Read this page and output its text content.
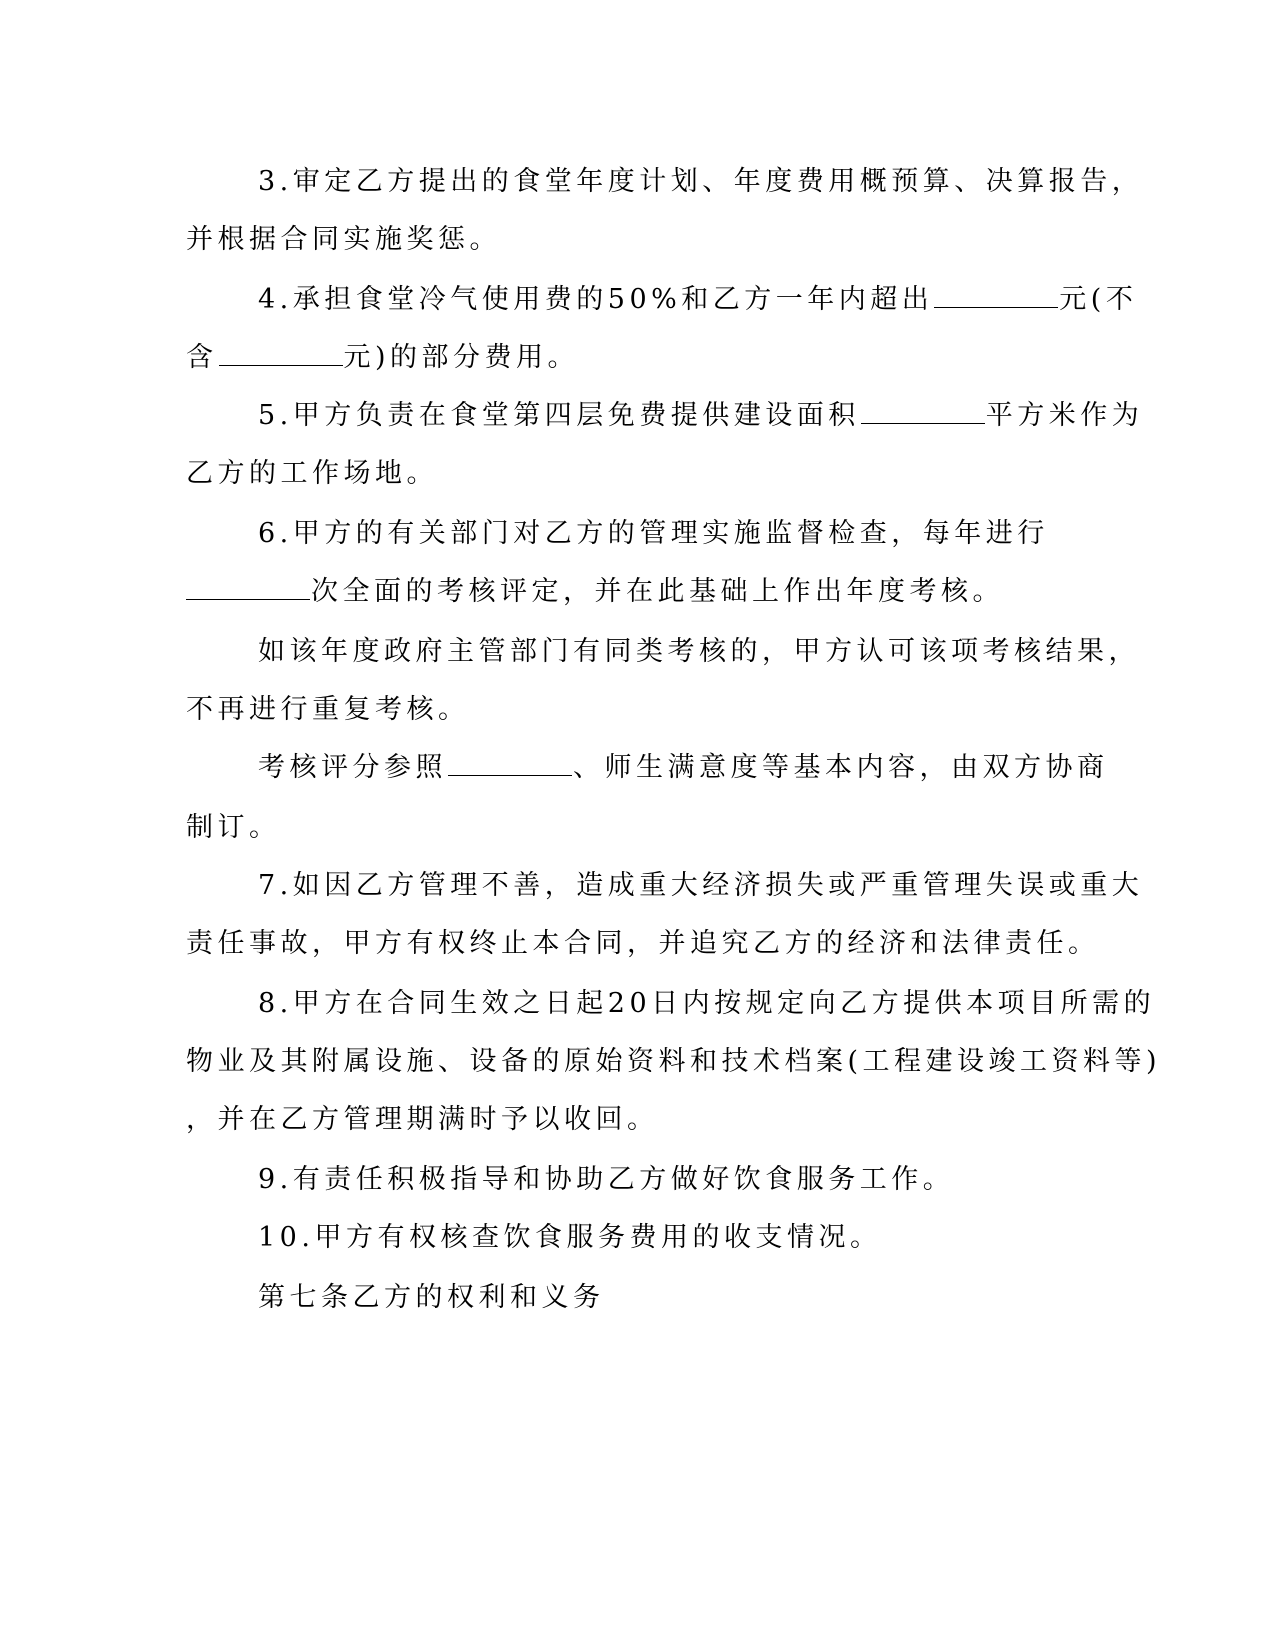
3.审定乙方提出的食堂年度计划、年度费用概预算、决算报告，
并根据合同实施奖惩。
4.承担食堂冷气使用费的50%和乙方一年内超出	元(不
含	元)的部分费用。
5.甲方负责在食堂第四层免费提供建设面积	平方米作为
乙方的工作场地。
6.甲方的有关部门对乙方的管理实施监督检查，每年进行
次全面的考核评定，并在此基础上作出年度考核。
如该年度政府主管部门有同类考核的，甲方认可该项考核结果，
不再进行重复考核。
考核评分参照	、师生满意度等基本内容，由双方协商
制订。
7.如因乙方管理不善，造成重大经济损失或严重管理失误或重大
责任事故，甲方有权终止本合同，并追究乙方的经济和法律责任。
8.甲方在合同生效之日起20日内按规定向乙方提供本项目所需的
物业及其附属设施、设备的原始资料和技术档案(工程建设竣工资料等)
，并在乙方管理期满时予以收回。
9.有责任积极指导和协助乙方做好饮食服务工作。
10.甲方有权核查饮食服务费用的收支情况。
第七条乙方的权利和义务
